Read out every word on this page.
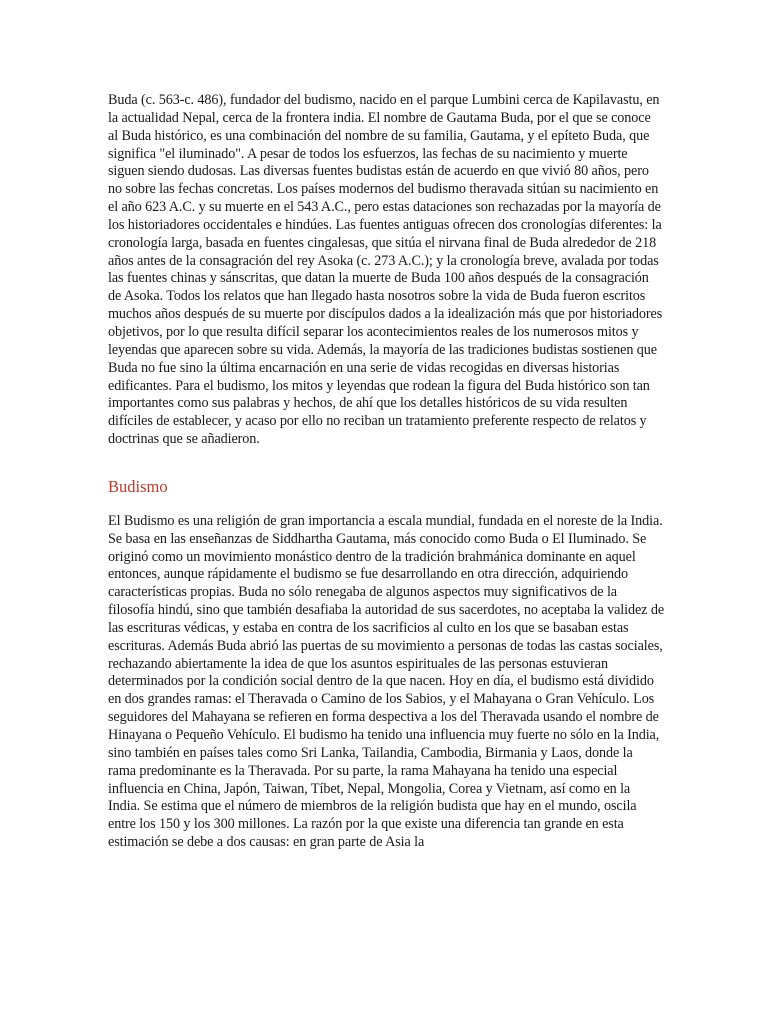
Buda (c. 563-c. 486), fundador del budismo, nacido en el parque Lumbini cerca de Kapilavastu, en la actualidad Nepal, cerca de la frontera india. El nombre de Gautama Buda, por el que se conoce al Buda histórico, es una combinación del nombre de su familia, Gautama, y el epíteto Buda, que significa "el iluminado". A pesar de todos los esfuerzos, las fechas de su nacimiento y muerte siguen siendo dudosas. Las diversas fuentes budistas están de acuerdo en que vivió 80 años, pero no sobre las fechas concretas. Los países modernos del budismo theravada sitúan su nacimiento en el año 623 A.C. y su muerte en el 543 A.C., pero estas dataciones son rechazadas por la mayoría de los historiadores occidentales e hindúes. Las fuentes antiguas ofrecen dos cronologías diferentes: la cronología larga, basada en fuentes cingalesas, que sitúa el nirvana final de Buda alrededor de 218 años antes de la consagración del rey Asoka (c. 273 A.C.); y la cronología breve, avalada por todas las fuentes chinas y sánscritas, que datan la muerte de Buda 100 años después de la consagración de Asoka. Todos los relatos que han llegado hasta nosotros sobre la vida de Buda fueron escritos muchos años después de su muerte por discípulos dados a la idealización más que por historiadores objetivos, por lo que resulta difícil separar los acontecimientos reales de los numerosos mitos y leyendas que aparecen sobre su vida. Además, la mayoría de las tradiciones budistas sostienen que Buda no fue sino la última encarnación en una serie de vidas recogidas en diversas historias edificantes. Para el budismo, los mitos y leyendas que rodean la figura del Buda histórico son tan importantes como sus palabras y hechos, de ahí que los detalles históricos de su vida resulten difíciles de establecer, y acaso por ello no reciban un tratamiento preferente respecto de relatos y doctrinas que se añadieron.

Budismo

El Budismo es una religión de gran importancia a escala mundial, fundada en el noreste de la India. Se basa en las enseñanzas de Siddhartha Gautama, más conocido como Buda o El Iluminado. Se originó como un movimiento monástico dentro de la tradición brahmánica dominante en aquel entonces, aunque rápidamente el budismo se fue desarrollando en otra dirección, adquiriendo características propias. Buda no sólo renegaba de algunos aspectos muy significativos de la filosofía hindú, sino que también desafiaba la autoridad de sus sacerdotes, no aceptaba la validez de las escrituras védicas, y estaba en contra de los sacrificios al culto en los que se basaban estas escrituras. Además Buda abrió las puertas de su movimiento a personas de todas las castas sociales, rechazando abiertamente la idea de que los asuntos espirituales de las personas estuvieran determinados por la condición social dentro de la que nacen. Hoy en día, el budismo está dividido en dos grandes ramas: el Theravada o Camino de los Sabios, y el Mahayana o Gran Vehículo. Los seguidores del Mahayana se refieren en forma despectiva a los del Theravada usando el nombre de Hinayana o Pequeño Vehículo. El budismo ha tenido una influencia muy fuerte no sólo en la India, sino también en países tales como Sri Lanka, Tailandia, Cambodia, Birmania y Laos, donde la rama predominante es la Theravada. Por su parte, la rama Mahayana ha tenido una especial influencia en China, Japón, Taiwan, Tíbet, Nepal, Mongolia, Corea y Vietnam, así como en la India. Se estima que el número de miembros de la religión budista que hay en el mundo, oscila entre los 150 y los 300 millones. La razón por la que existe una diferencia tan grande en esta estimación se debe a dos causas: en gran parte de Asia la
